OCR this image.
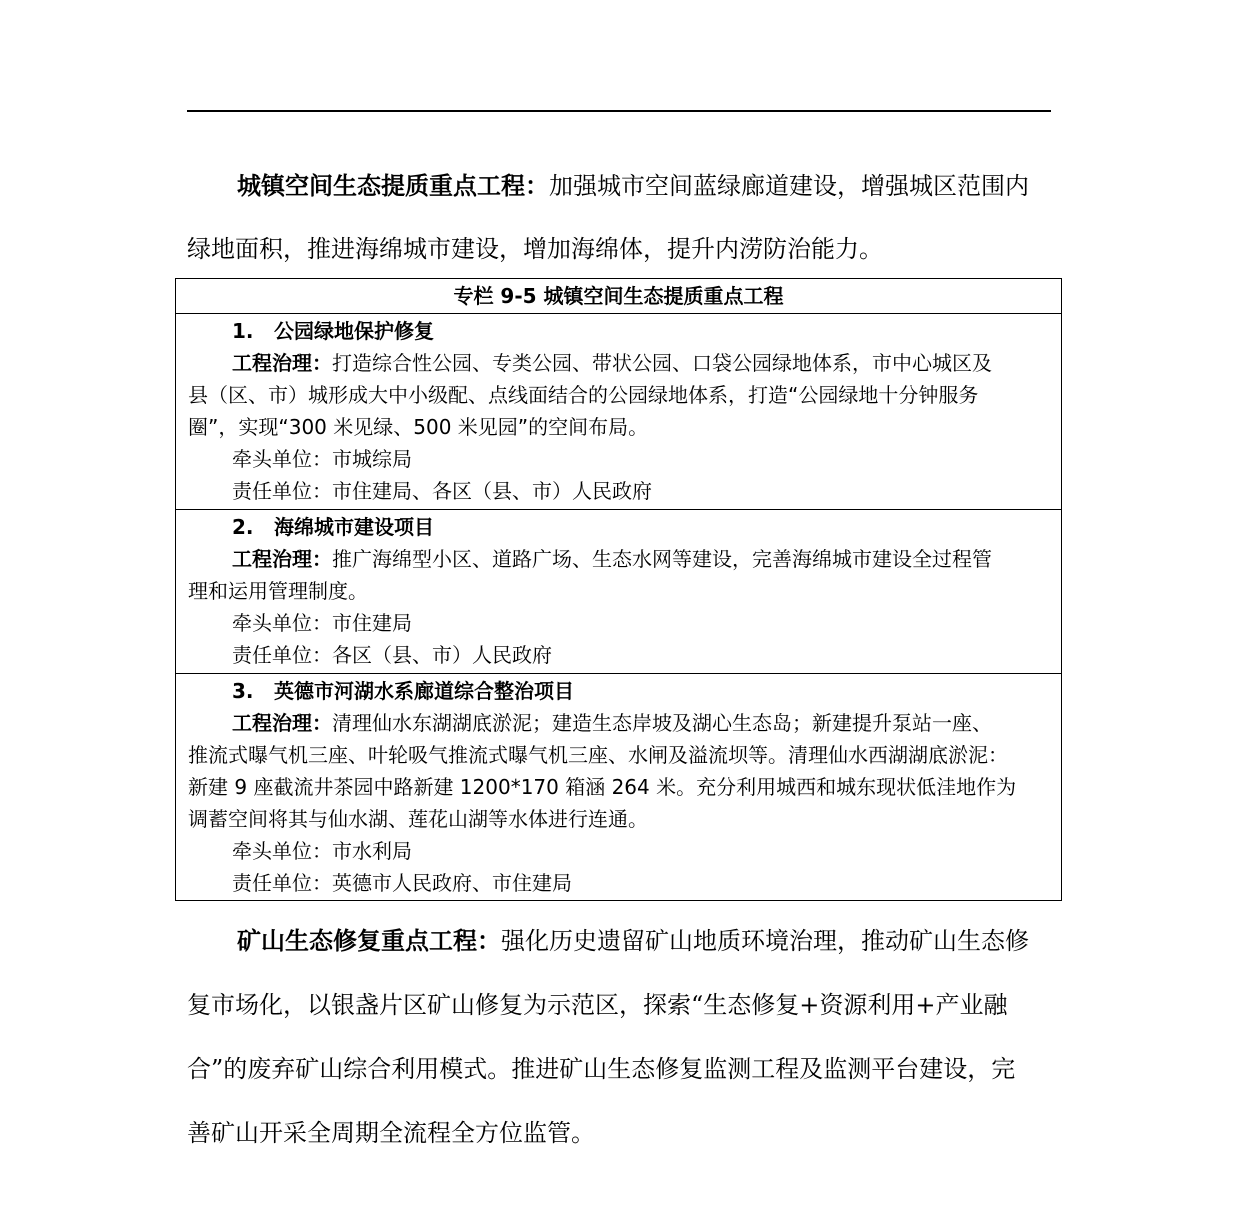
城镇空间生态提质重点工程：加强城市空间蓝绿廊道建设，增强城区范围内
绿地面积，推进海绵城市建设，增加海绵体，提升内涝防治能力。
专栏 9-5 城镇空间生态提质重点工程
1. 公园绿地保护修复
工程治理：打造综合性公园、专类公园、带状公园、口袋公园绿地体系，市中心城区及
县（区、市）城形成大中小级配、点线面结合的公园绿地体系，打造“公园绿地十分钟服务
圈”，实现“300 米见绿、500 米见园”的空间布局。
牵头单位：市城综局
责任单位：市住建局、各区（县、市）人民政府
2. 海绵城市建设项目
工程治理：推广海绵型小区、道路广场、生态水网等建设，完善海绵城市建设全过程管
理和运用管理制度。
牵头单位：市住建局
责任单位：各区（县、市）人民政府
3. 英德市河湖水系廊道综合整治项目
工程治理：清理仙水东湖湖底淤泥；建造生态岸坡及湖心生态岛；新建提升泵站一座、
推流式曝气机三座、叶轮吸气推流式曝气机三座、水闸及溢流坝等。清理仙水西湖湖底淤泥：
新建 9 座截流井茶园中路新建 1200*170 箱涵 264 米。充分利用城西和城东现状低洼地作为
调蓄空间将其与仙水湖、莲花山湖等水体进行连通。
牵头单位：市水利局
责任单位：英德市人民政府、市住建局
矿山生态修复重点工程：强化历史遗留矿山地质环境治理，推动矿山生态修
复市场化，以银盏片区矿山修复为示范区，探索“生态修复+资源利用+产业融
合”的废弃矿山综合利用模式。推进矿山生态修复监测工程及监测平台建设，完
善矿山开采全周期全流程全方位监管。
